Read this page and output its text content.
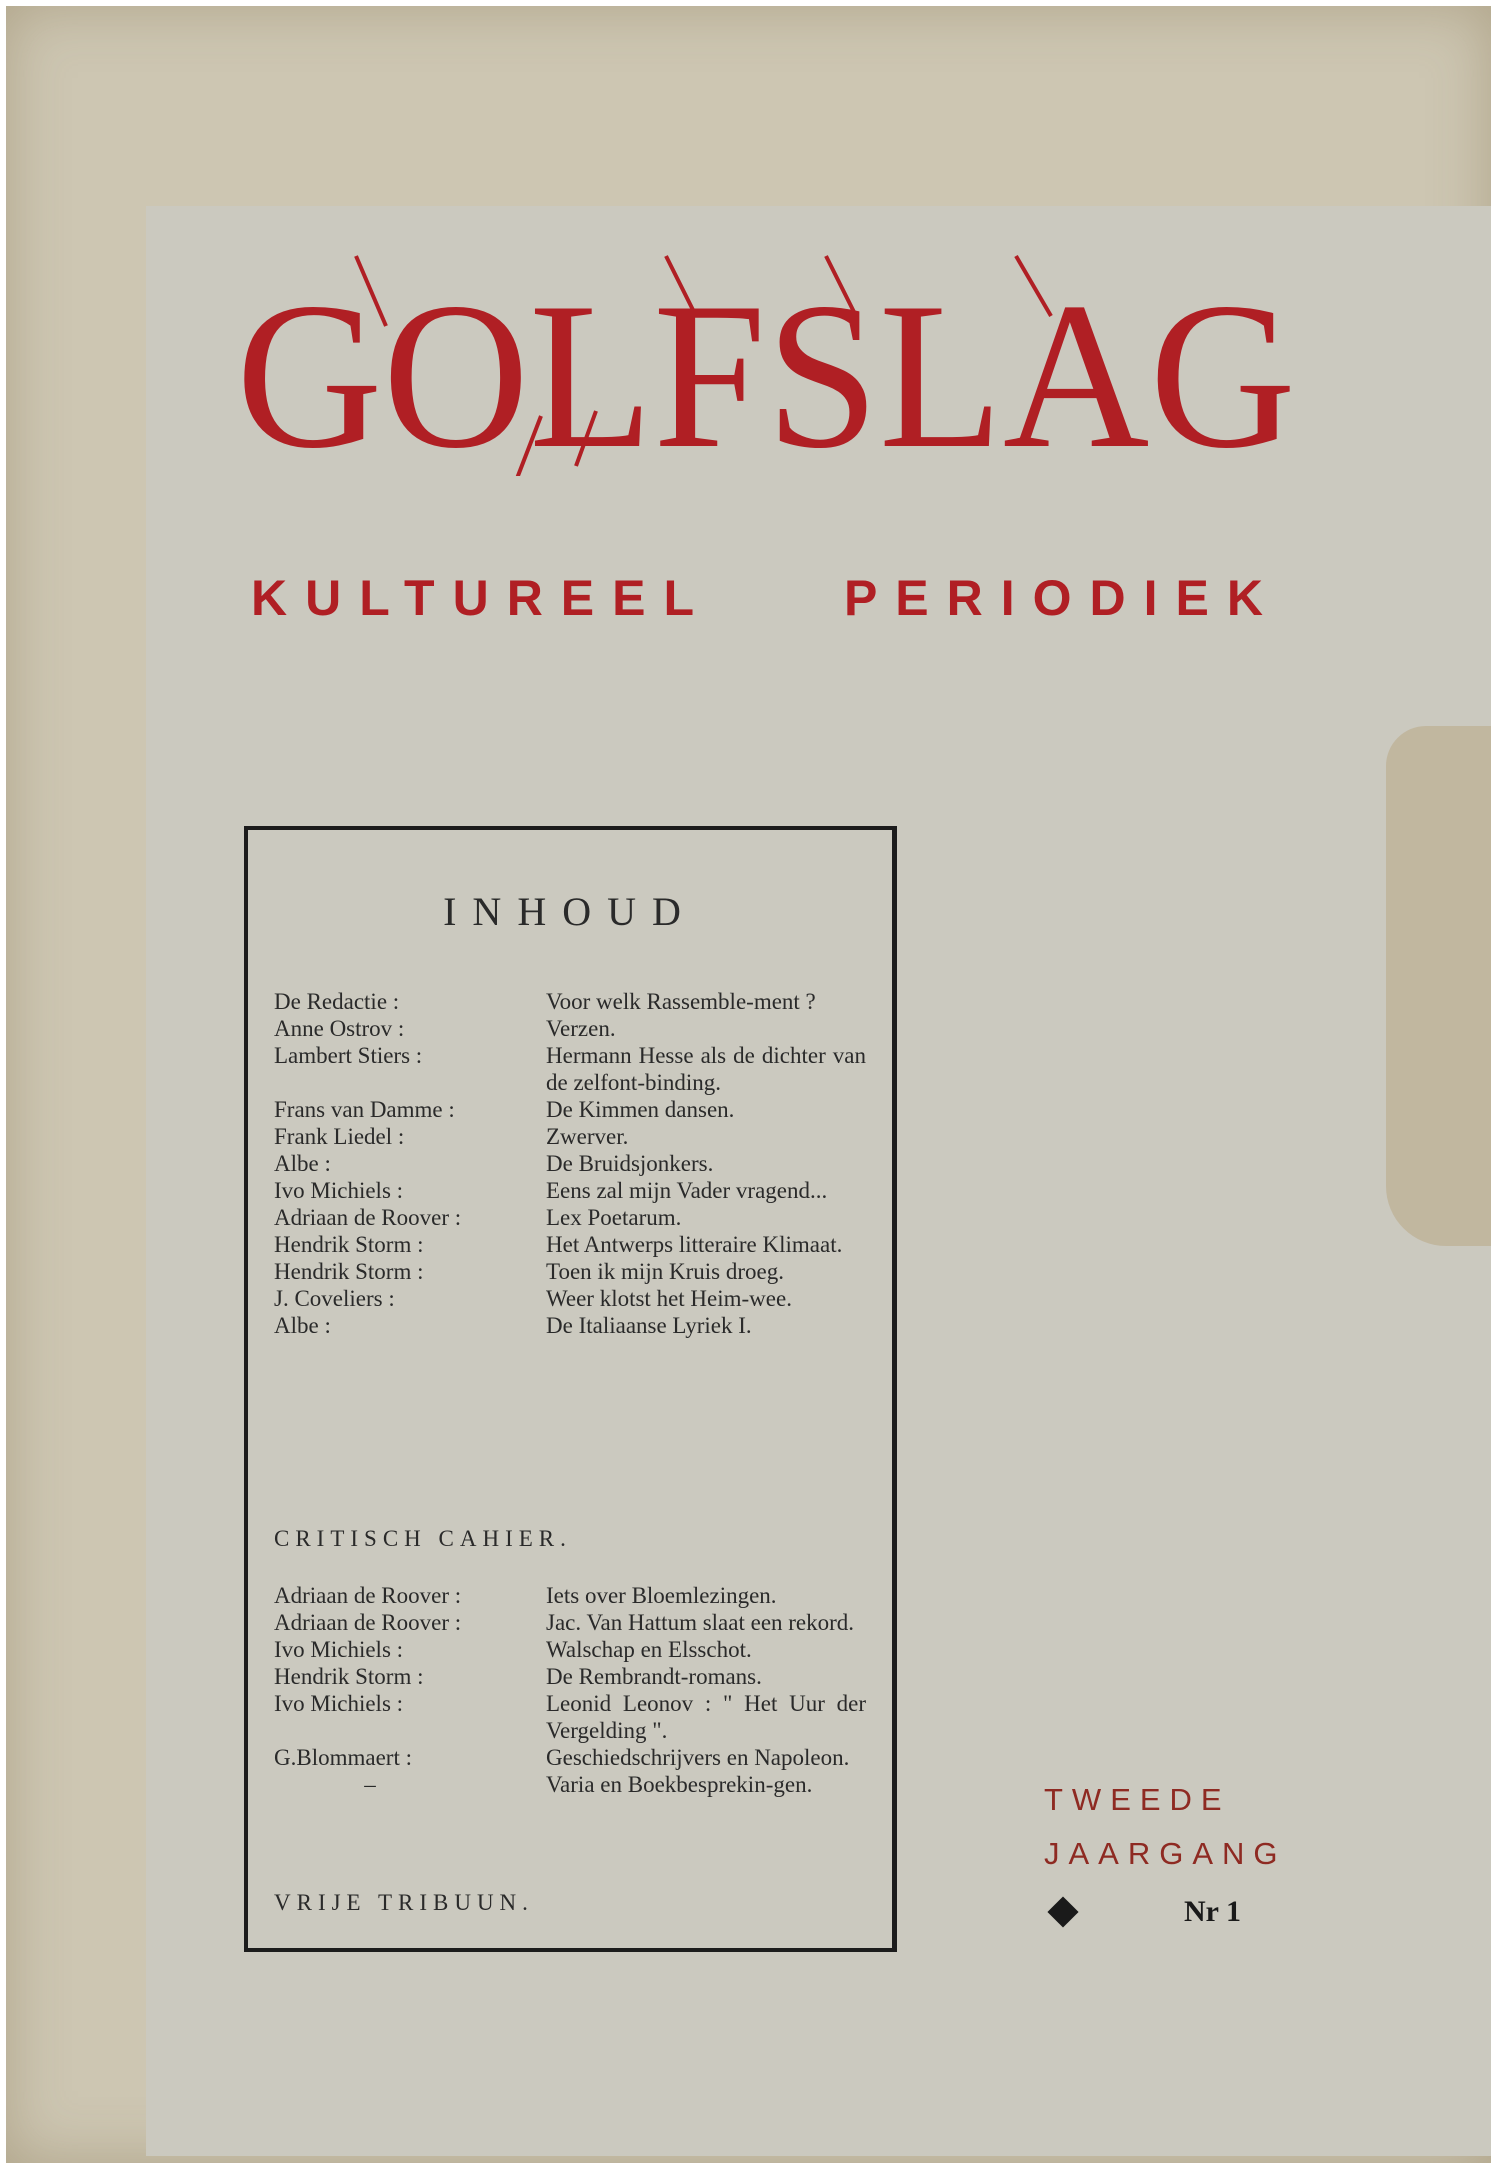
GOLFSLAG
KULTUREEL	PERIODIEK
INHOUD
De Redactie :	Voor welk Rassemble-ment ?
Anne Ostrov :	Verzen.
Lambert Stiers :	Hermann Hesse als de dichter van de zelfont-binding.
Frans van Damme :	De Kimmen dansen.
Frank Liedel :	Zwerver.
Albe :	De Bruidsjonkers.
Ivo Michiels :	Eens zal mijn Vader vragend...
Adriaan de Roover :	Lex Poetarum.
Hendrik Storm :	Het Antwerps litteraire Klimaat.
Hendrik Storm :	Toen ik mijn Kruis droeg.
J. Coveliers :	Weer klotst het Heim-wee.
Albe :	De Italiaanse Lyriek I.
CRITISCH CAHIER.
Adriaan de Roover :	Iets over Bloemlezingen.
Adriaan de Roover :	Jac. Van Hattum slaat een rekord.
Ivo Michiels :	Walschap en Elsschot.
Hendrik Storm :	De Rembrandt-romans.
Ivo Michiels :	Leonid Leonov : " Het Uur der Vergelding ".
G.Blommaert :	Geschiedschrijvers en Napoleon.
–	Varia en Boekbesprekin-gen.
VRIJE TRIBUUN.
TWEEDE
JAARGANG
Nr 1
